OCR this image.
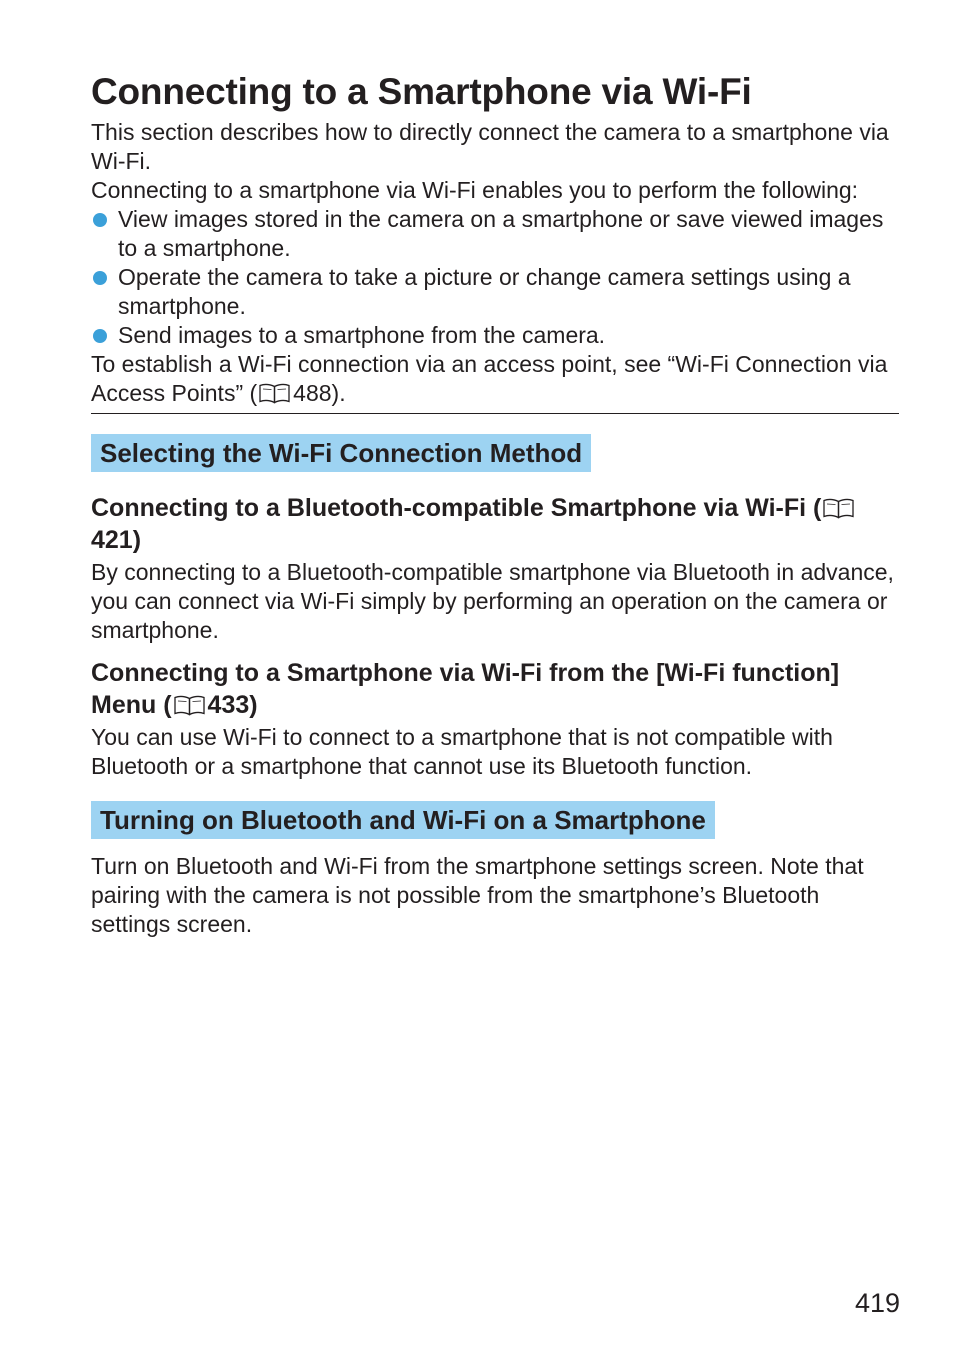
Connecting to a Smartphone via Wi-Fi

This section describes how to directly connect the camera to a smartphone via Wi-Fi.

Connecting to a smartphone via Wi-Fi enables you to perform the following:

View images stored in the camera on a smartphone or save viewed images to a smartphone.
Operate the camera to take a picture or change camera settings using a smartphone.
Send images to a smartphone from the camera.

To establish a Wi-Fi connection via an access point, see “Wi-Fi Connection via Access Points” ( 488).

Selecting the Wi-Fi Connection Method
Connecting to a Bluetooth-compatible Smartphone via Wi-Fi (
421)

By connecting to a Bluetooth-compatible smartphone via Bluetooth in advance, you can connect via Wi-Fi simply by performing an operation on the camera or smartphone.

Connecting to a Smartphone via Wi-Fi from the [Wi-Fi function] Menu ( 433)

You can use Wi-Fi to connect to a smartphone that is not compatible with Bluetooth or a smartphone that cannot use its Bluetooth function.

Turning on Bluetooth and Wi-Fi on a Smartphone

Turn on Bluetooth and Wi-Fi from the smartphone settings screen. Note that pairing with the camera is not possible from the smartphone’s Bluetooth settings screen.

419
